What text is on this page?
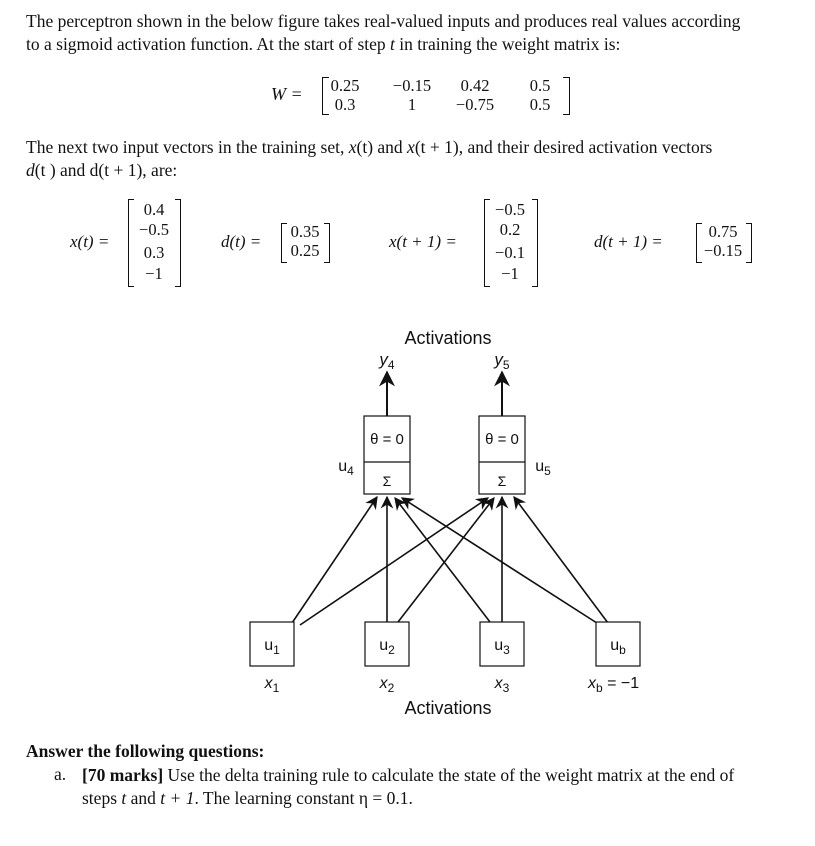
The perceptron shown in the below figure takes real-valued inputs and produces real values according
to a sigmoid activation function. At the start of step t in training the weight matrix is:
W =	0.25	−0.15	0.42	0.5
0.3	1	−0.75	0.5
The next two input vectors in the training set, x(t) and x(t + 1), and their desired activation vectors
d(t ) and d(t + 1), are:
x(t) =
0.4
−0.5
0.3
−1
d(t) =
0.35
0.25	x(t + 1) =
−0.5
0.2
−0.1
−1
d(t + 1) =
0.75
−0.15
Activations
$y_4$	$y_5$
θ = 0
Σ
$u_4$
θ = 0
Σ
$u_5$
$u_1$	$u_2$	$u_3$	$u_b$
$x_1$	$x_2$	$x_3$	$x_b = -1$
Activations
Answer the following questions:
a. [70 marks] Use the delta training rule to calculate the state of the weight matrix at the end of
steps t and t + 1. The learning constant η = 0.1.
